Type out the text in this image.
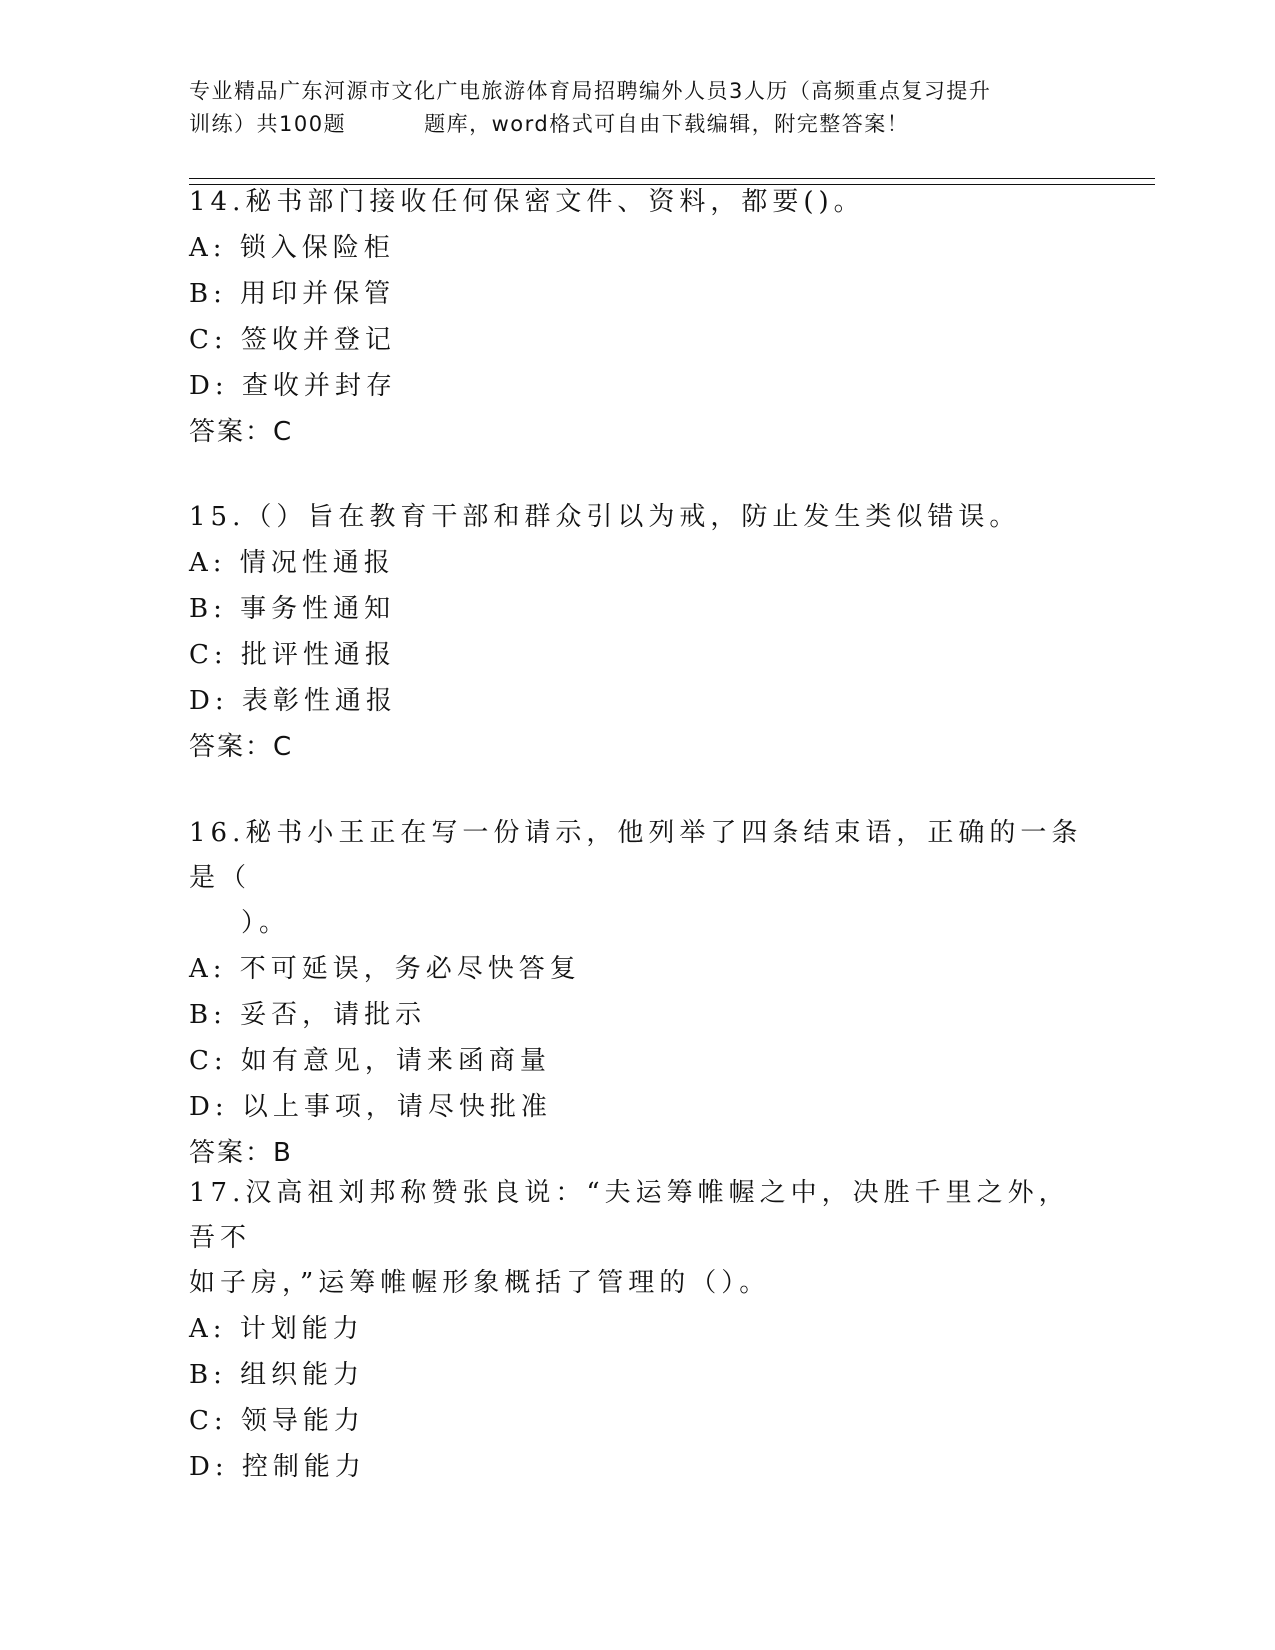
专业精品广东河源市文化广电旅游体育局招聘编外人员3人历（高频重点复习提升
训练）共100题	题库，word格式可自由下载编辑，附完整答案！
14.秘书部门接收任何保密文件、资料，都要()。
A: 锁入保险柜
B: 用印并保管
C: 签收并登记
D: 查收并封存
答案：C
15.（）旨在教育干部和群众引以为戒，防止发生类似错误。
A: 情况性通报
B: 事务性通知
C: 批评性通报
D: 表彰性通报
答案：C
16.秘书小王正在写一份请示，他列举了四条结束语，正确的一条是（
）。
A: 不可延误，务必尽快答复
B: 妥否，请批示
C: 如有意见，请来函商量
D: 以上事项，请尽快批准
答案：B
17.汉高祖刘邦称赞张良说：“夫运筹帷幄之中，决胜千里之外，吾不
如子房，”运筹帷幄形象概括了管理的（）。
A: 计划能力
B: 组织能力
C: 领导能力
D: 控制能力
